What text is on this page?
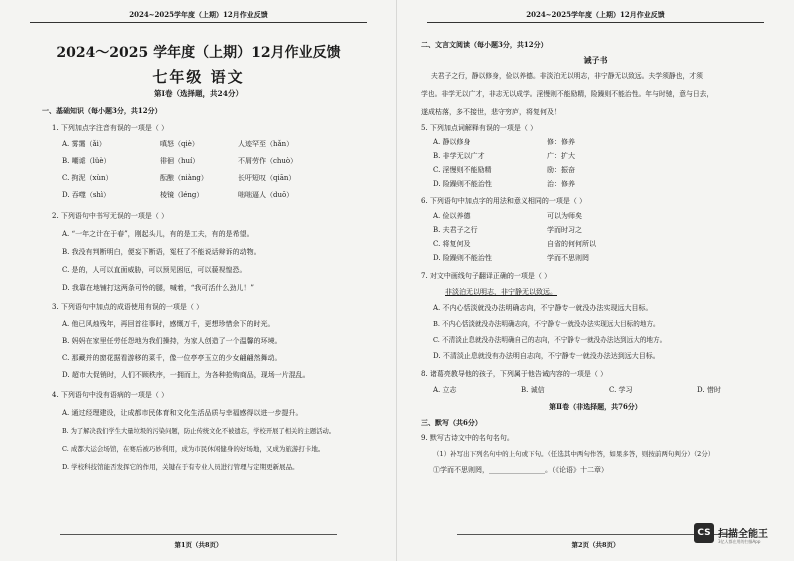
2024~2025学年度（上期）12月作业反馈
2024～2025 学年度（上期）12月作业反馈
七年级 语文
第Ⅰ卷（选择题，共24分）
一、基础知识（每小题3分，共12分）
1. 下列加点字注音有误的一项是（ ）
A. 雾霭（ǎi）	嗔怒（qiè）	人迹罕至（hǎn）
B. 嘲谑（lüè）	徘徊（huí）	不屑劳作（chuò）
C. 拘泥（xùn）	酝酿（niàng）	长吁短叹（qiān）
D. 吞噬（shì）	棱镜（léng）	咄咄逼人（duō）
2. 下列语句中书写无误的一项是（ ）
A. “一年之计在于春”，刚起头儿，有的是工夫，有的是希望。
B. 我没有判断明白，便妄下断语，冤枉了不能说话辩诉的动物。
C. 是的，人可以直面威胁，可以预见困厄，可以藐视惶恐。
D. 我靠在地铺打这两条可怜的腿，喊着，“我可活什么劲儿！”
3. 下列语句中加点的成语使用有误的一项是（ ）
A. 他已风烛残年，再回首往事时，感慨万千，更想珍惜余下的时光。
B. 妈妈在家里任劳任怨地为我们操持，为家人创造了一个温馨的环境。
C. 那藏并的窗花据看游移的菜千，像一位亭亭玉立的少女翩翩然舞动。
D. 超市大促销时，人们不顾秩序，一拥而上，为各种抢购商品，现场一片混乱。
4. 下列语句中没有语病的一项是（ ）
A. 通过经理建设，让成都市民体育和文化生活品质与幸福感得以进一步提升。
B. 为了解决我们学生大量垃圾的污染问题，防止传统文化不被遗忘，学校开展了相关的主题活动。
C. 成都大运会场馆，在赛后被巧妙利用，成为市民休闲健身的好场地，又成为旅游打卡地。
D. 学校科技馆能否发挥它的作用，关键在于有专业人员进行管理与定期更新展品。
第1页（共8页）
2024~2025学年度（上期）12月作业反馈
二、文言文阅读（每小题3分，共12分）
诫子书
夫君子之行，静以修身，俭以养德。非淡泊无以明志，非宁静无以致远。夫学须静也，才须
学也。非学无以广才，非志无以成学。淫慢则不能励精，险躁则不能治性。年与时驰，意与日去，
遂成枯落，多不接世，悲守穷庐，将复何及！
5. 下列加点词解释有误的一项是（ ）
A. 静以修身	修：修养
B. 非学无以广才	广：扩大
C. 淫慢则不能励精	励：振奋
D. 险躁则不能治性	治：修养
6. 下列语句中加点字的用法和意义相同的一项是（ ）
A. 俭以养德	可以为师矣
B. 夫君子之行	学而时习之
C. 将复何及	自省的何何所以
D. 险躁则不能治性	学而不思则罔
7. 对文中画线句子翻译正确的一项是（ ）
非淡泊无以明志，非宁静无以致远。
A. 不内心恬淡就没办法明确志向，不宁静专一就没办法实现远大目标。
B. 不内心恬淡就没办法明确志向，不宁静专一就没办法实现远大目标的地方。
C. 不清淡止息就没办法明确自己的志向，不宁静专一就没办法达到远大的地方。
D. 不清淡止息就没有办法明自志向，不宁静专一就没办法达到远大目标。
8. 诸葛亮教导他的孩子，下列属于他告诫内容的一项是（ ）
A. 立志	B. 诚信	C. 学习	D. 惜时
第Ⅱ卷（非选择题，共76分）
三、默写（共6分）
9. 默写古诗文中的名句名句。
（1）补写出下列名句中的上句或下句。（任选其中两句作答，如果多答，则按前两句判分）（2分）
①学而不思则罔，________________。（《论语》十二章）
第2页（共8页）
CS 扫描全能王
3亿人都在用的扫描App
